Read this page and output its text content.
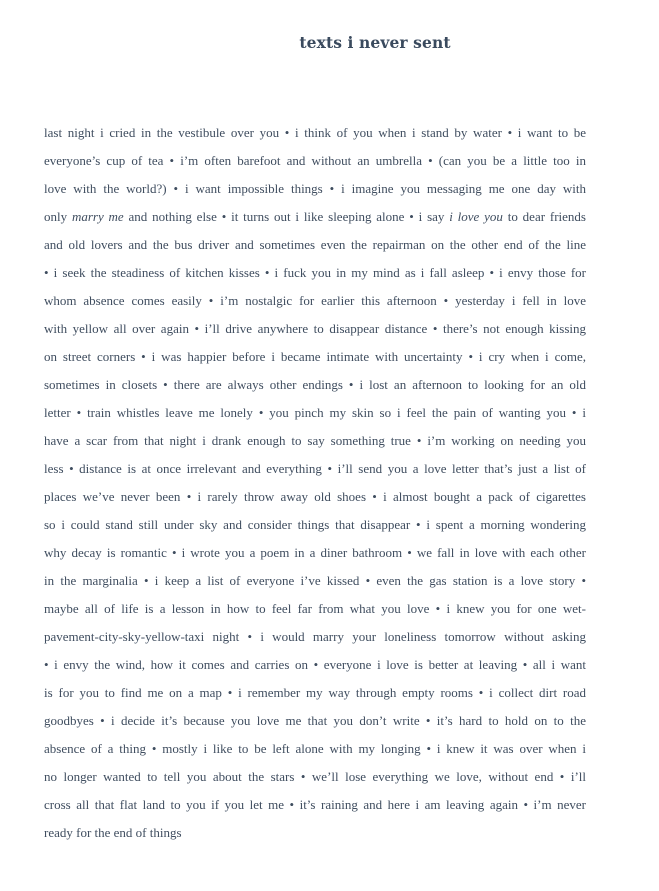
texts i never sent
last night i cried in the vestibule over you • i think of you when i stand by water • i want to be
everyone’s cup of tea • i’m often barefoot and without an umbrella • (can you be a little too in
love with the world?) • i want impossible things • i imagine you messaging me one day with
only marry me and nothing else • it turns out i like sleeping alone • i say i love you to dear friends
and old lovers and the bus driver and sometimes even the repairman on the other end of the line
• i seek the steadiness of kitchen kisses • i fuck you in my mind as i fall asleep • i envy those for
whom absence comes easily • i’m nostalgic for earlier this afternoon • yesterday i fell in love
with yellow all over again • i’ll drive anywhere to disappear distance • there’s not enough kissing
on street corners • i was happier before i became intimate with uncertainty • i cry when i come,
sometimes in closets • there are always other endings • i lost an afternoon to looking for an old
letter • train whistles leave me lonely • you pinch my skin so i feel the pain of wanting you • i
have a scar from that night i drank enough to say something true • i’m working on needing you
less • distance is at once irrelevant and everything • i’ll send you a love letter that’s just a list of
places we’ve never been • i rarely throw away old shoes • i almost bought a pack of cigarettes
so i could stand still under sky and consider things that disappear • i spent a morning wondering
why decay is romantic • i wrote you a poem in a diner bathroom • we fall in love with each other
in the marginalia • i keep a list of everyone i’ve kissed • even the gas station is a love story •
maybe all of life is a lesson in how to feel far from what you love • i knew you for one wet-
pavement-city-sky-yellow-taxi night • i would marry your loneliness tomorrow without asking
• i envy the wind, how it comes and carries on • everyone i love is better at leaving • all i want
is for you to find me on a map • i remember my way through empty rooms • i collect dirt road
goodbyes • i decide it’s because you love me that you don’t write • it’s hard to hold on to the
absence of a thing • mostly i like to be left alone with my longing • i knew it was over when i
no longer wanted to tell you about the stars • we’ll lose everything we love, without end • i’ll
cross all that flat land to you if you let me • it’s raining and here i am leaving again • i’m never
ready for the end of things
